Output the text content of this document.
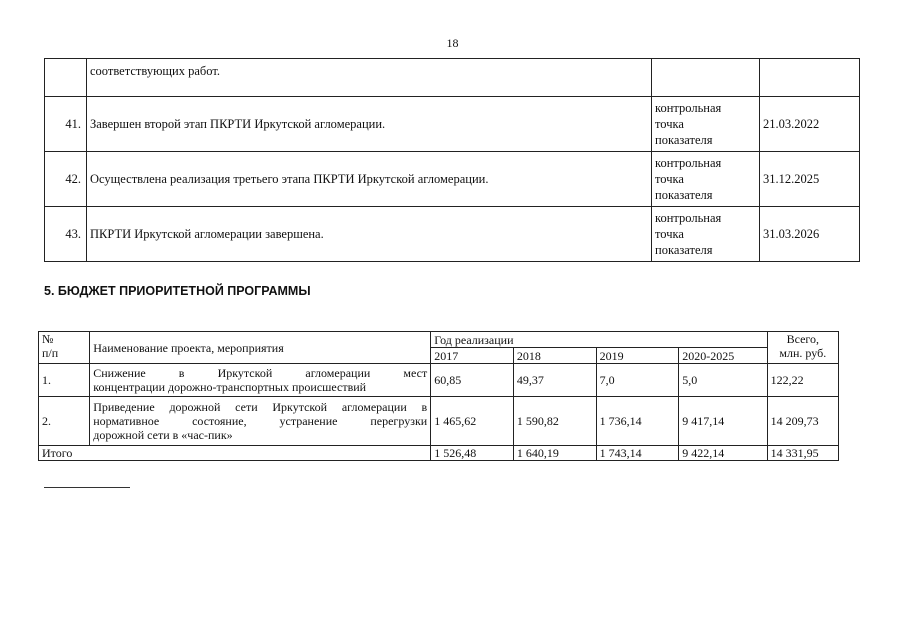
18
	соответствующих работ.		
41.	Завершен второй этап ПКРТИ Иркутской агломерации.	контрольная
точка
показателя	21.03.2022
42.	Осуществлена реализация третьего этапа ПКРТИ Иркутской агломерации.	контрольная
точка
показателя	31.12.2025
43.	ПКРТИ Иркутской агломерации завершена.	контрольная
точка
показателя	31.03.2026
5. БЮДЖЕТ ПРИОРИТЕТНОЙ ПРОГРАММЫ
№
п/п	Наименование проекта, мероприятия	Год реализации				Всего,
млн. руб.
		2017	2018	2019	2020-2025	
1.	Снижение в Иркутской агломерации мест
концентрации дорожно-транспортных происшествий	60,85	49,37	7,0	5,0	122,22
2.	Приведение дорожной сети Иркутской агломерации в
нормативное состояние, устранение перегрузки
дорожной сети в «час-пик»	1 465,62	1 590,82	1 736,14	9 417,14	14 209,73
Итого		1 526,48	1 640,19	1 743,14	9 422,14	14 331,95
